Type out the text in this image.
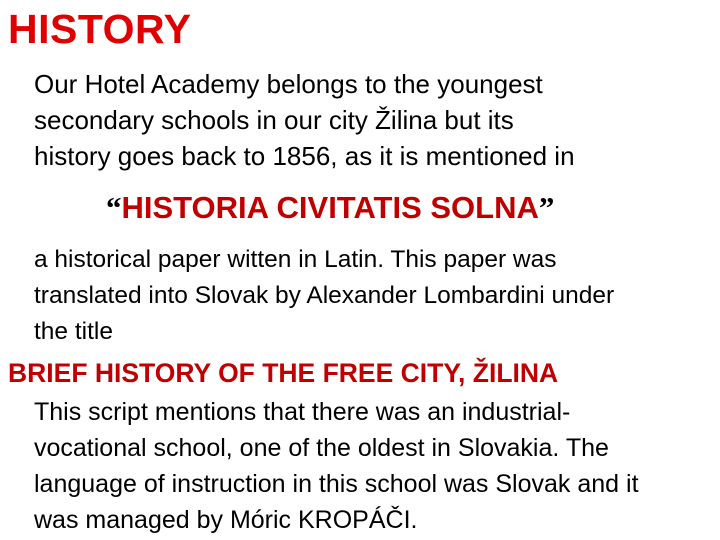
HISTORY

Our Hotel Academy belongs to the youngest
secondary schools in our city Žilina but its
history goes back to 1856, as it is mentioned in

“HISTORIA CIVITATIS SOLNA”

a historical paper witten in Latin. This paper was
translated into Slovak by Alexander Lombardini under
the title

BRIEF HISTORY OF THE FREE CITY, ŽILINA

This script mentions that there was an industrial-
vocational school, one of the oldest in Slovakia. The
language of instruction in this school was Slovak and it
was managed by Móric KROPÁČI.
